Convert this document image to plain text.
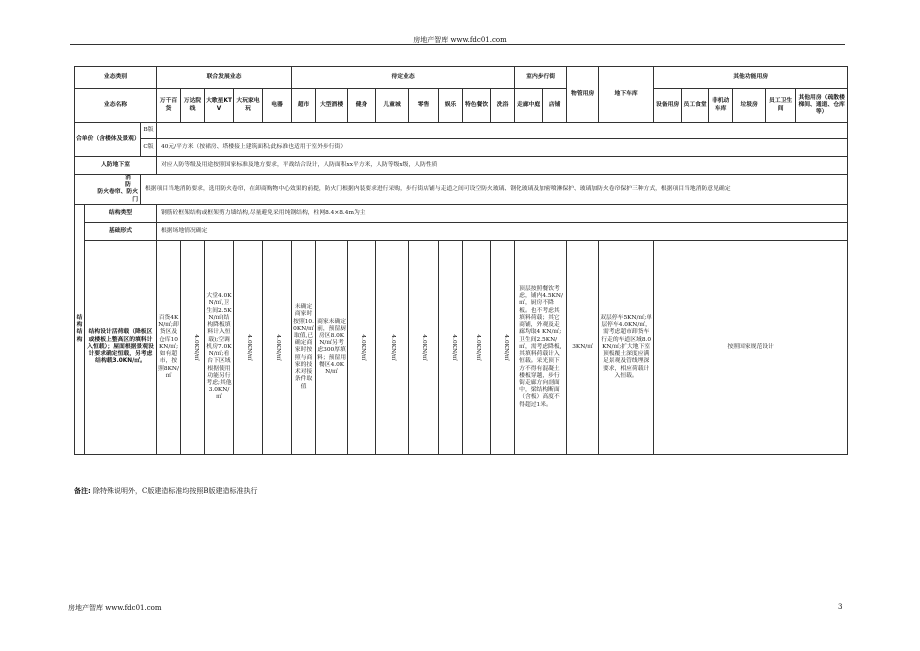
房地产智库 www.fdc01.com
业态类别			联合发展业态					待定业态								室内步行街		物管用房	地下车库	其他功能用房					
业态名称			万千百货	万达院线	大歌星KTV	大玩家电玩	电器	超市	大型酒楼	健身	儿童城	零售	娱乐	特色餐饮	洗浴	走廊中庭	店铺			设备用房	员工食堂	非机动车库	垃圾房	员工卫生间	其他用房（疏散楼梯间、通道、仓库等）
合单价（含楼体及景观）		B版																							
		C版	40元/平方米（按裙房、塔楼接上建筑面积;此标准也适用于室外步行街）																						
人防地下室			对应人防等级及用途按照国家标准及地方要求，平战结合设计，人防面积xx平方米，人防等级x级，人防性质																						
消防 防火卷帘、防火门		根据项目当地消防要求，选用防火卷帘，在卸商购物中心效果的前提，防火门根据内装要求进行采购，步行街店铺与走道之间可设空防火玻璃、钢化玻璃及加密喷淋保护、玻璃加防火卷帘保护三种方式，根据项目当地消防意见确定																							
结构结构	结构类型		钢筋砼框架结构或框架剪力墙结构,尽量避免采用纯钢结构，柱网8.4×8.4m为主																						
	基础形式		根据场地情况确定																						
	结构设计活荷载（降板区或楼板上整高区的填料计入恒载）；屋面根据景观设计要求确定恒载，另考虑结构载3.0KN/㎡。		百货4KN/㎡;卸货区及仓库10KN/㎡;如有超市，按照8KN/㎡	4.0KN/㎡	大堂4.0KN/㎡,卫生间2.5KN/㎡(结构降板填料计入恒载);空调机房7.0KN/㎡;看台下区域根据使用功能另行考虑;其他3.0KN/㎡	4.0KN/㎡	4.0KN/㎡	未确定商家时按照10.0KN/㎡取值,已确定商家时按照与商家的技术对接条件取值	商家未确定前，预留厨房区8.0KN/㎡另考虑300厚填料；预留用餐区4.0KN/㎡	4.0KN/㎡	4.0KN/㎡	4.0KN/㎡	4.0KN/㎡	4.0KN/㎡	4.0KN/㎡	顶层按照餐饮考虑，铺内4.5KN/㎡，厨房不降板。也不考虑其填料荷载；其它商铺，外观及走廊均取4 KN/㎡;卫生间2.5KN/㎡，需考虑降板,其填料荷载计入恒载。采光顶下方不得有混凝土楼板穿越，步行街走廊方向剖面中，梁结构断面（含板）高度不得超过1米。		3KN/㎡	双层停车5KN/㎡;单层停车4.0KN/㎡，需考虑超市卸货车行走的车道区域8.0KN/㎡;扩大地下室顶板覆土深度应满足景观及管线埋深要求，相应荷载计入恒载。	按照国家规范设计					
备注: 除特殊说明外，C版建造标准均按照B版建造标准执行
房地产智库 www.fdc01.com	3
